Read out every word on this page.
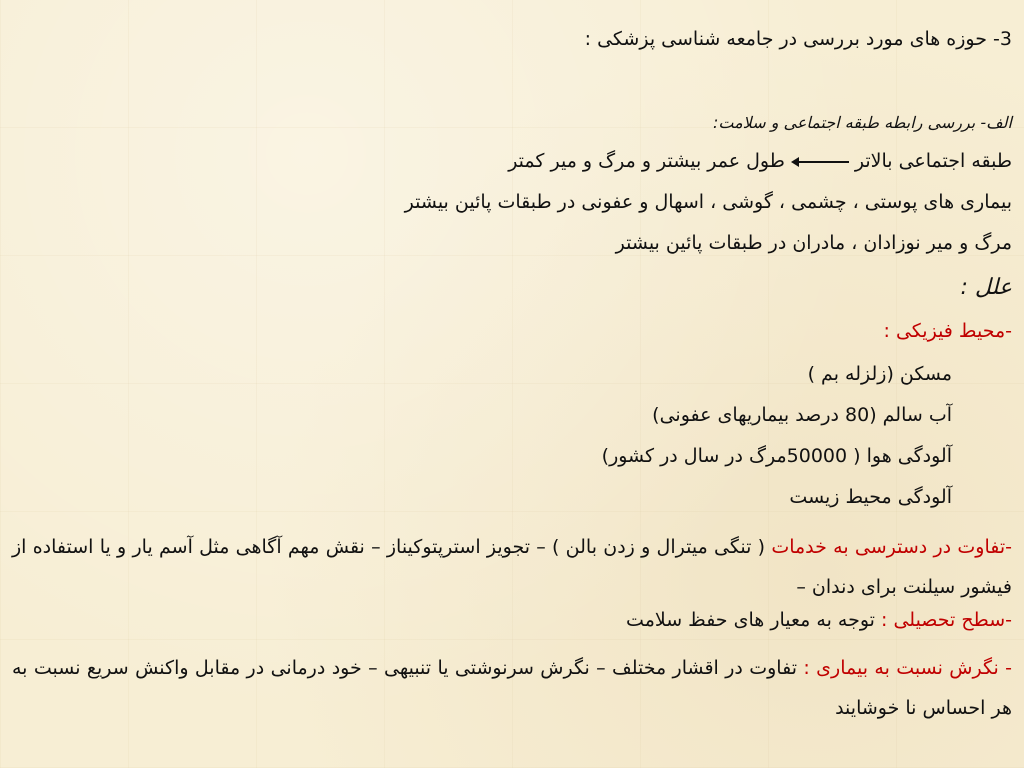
3- حوزه های مورد بررسی در جامعه شناسی پزشکی :
الف- بررسی رابطه طبقه اجتماعی و سلامت:
طبقه اجتماعی بالاترطول عمر بیشتر و مرگ و میر کمتر
بیماری های پوستی ، چشمی ، گوشی ، اسهال و عفونی در طبقات پائین بیشتر
مرگ و میر نوزادان ، مادران در طبقات پائین بیشتر
علل :
-محیط فیزیکی :
مسکن (زلزله بم )
آب سالم (80 درصد بیماریهای عفونی)
آلودگی هوا ( 50000مرگ در سال در کشور)
آلودگی محیط زیست
-تفاوت در دسترسی به خدمات ( تنگی میترال و زدن بالن ) – تجویز استرپتوکیناز – نقش مهم آگاهی مثل آسم یار و یا استفاده از فیشور سیلنت برای دندان –
-سطح تحصیلی : توجه به معیار های حفظ سلامت
- نگرش نسبت به بیماری : تفاوت در اقشار مختلف – نگرش سرنوشتی یا تنبیهی – خود درمانی در مقابل واکنش سریع نسبت به هر احساس نا خوشایند
